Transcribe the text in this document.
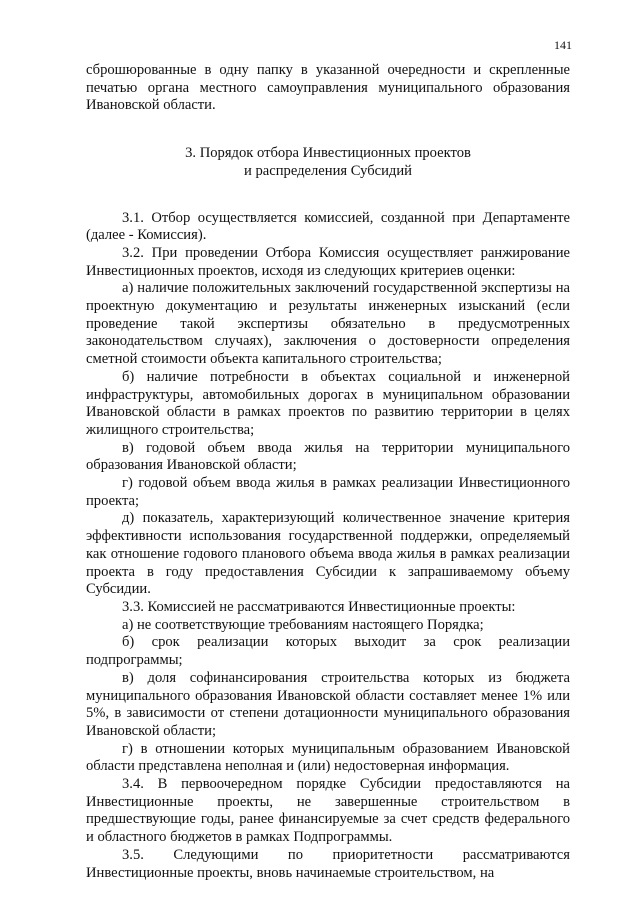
141

сброшюрованные в одну папку в указанной очередности и скрепленные печатью органа местного самоуправления муниципального образования Ивановской области.

3. Порядок отбора Инвестиционных проектов
и распределения Субсидий

3.1. Отбор осуществляется комиссией, созданной при Департаменте (далее - Комиссия).

3.2. При проведении Отбора Комиссия осуществляет ранжирование Инвестиционных проектов, исходя из следующих критериев оценки:

а) наличие положительных заключений государственной экспертизы на проектную документацию и результаты инженерных изысканий (если проведение такой экспертизы обязательно в предусмотренных законодательством случаях), заключения о достоверности определения сметной стоимости объекта капитального строительства;

б) наличие потребности в объектах социальной и инженерной инфраструктуры, автомобильных дорогах в муниципальном образовании Ивановской области в рамках проектов по развитию территории в целях жилищного строительства;

в) годовой объем ввода жилья на территории муниципального образования Ивановской области;

г) годовой объем ввода жилья в рамках реализации Инвестиционного проекта;

д) показатель, характеризующий количественное значение критерия эффективности использования государственной поддержки, определяемый как отношение годового планового объема ввода жилья в рамках реализации проекта в году предоставления Субсидии к запрашиваемому объему Субсидии.

3.3. Комиссией не рассматриваются Инвестиционные проекты:

а) не соответствующие требованиям настоящего Порядка;

б) срок реализации которых выходит за срок реализации подпрограммы;

в) доля софинансирования строительства которых из бюджета муниципального образования Ивановской области составляет менее 1% или 5%, в зависимости от степени дотационности муниципального образования Ивановской области;

г) в отношении которых муниципальным образованием Ивановской области представлена неполная и (или) недостоверная информация.

3.4. В первоочередном порядке Субсидии предоставляются на Инвестиционные проекты, не завершенные строительством в предшествующие годы, ранее финансируемые за счет средств федерального и областного бюджетов в рамках Подпрограммы.

3.5. Следующими по приоритетности рассматриваются Инвестиционные проекты, вновь начинаемые строительством, на
